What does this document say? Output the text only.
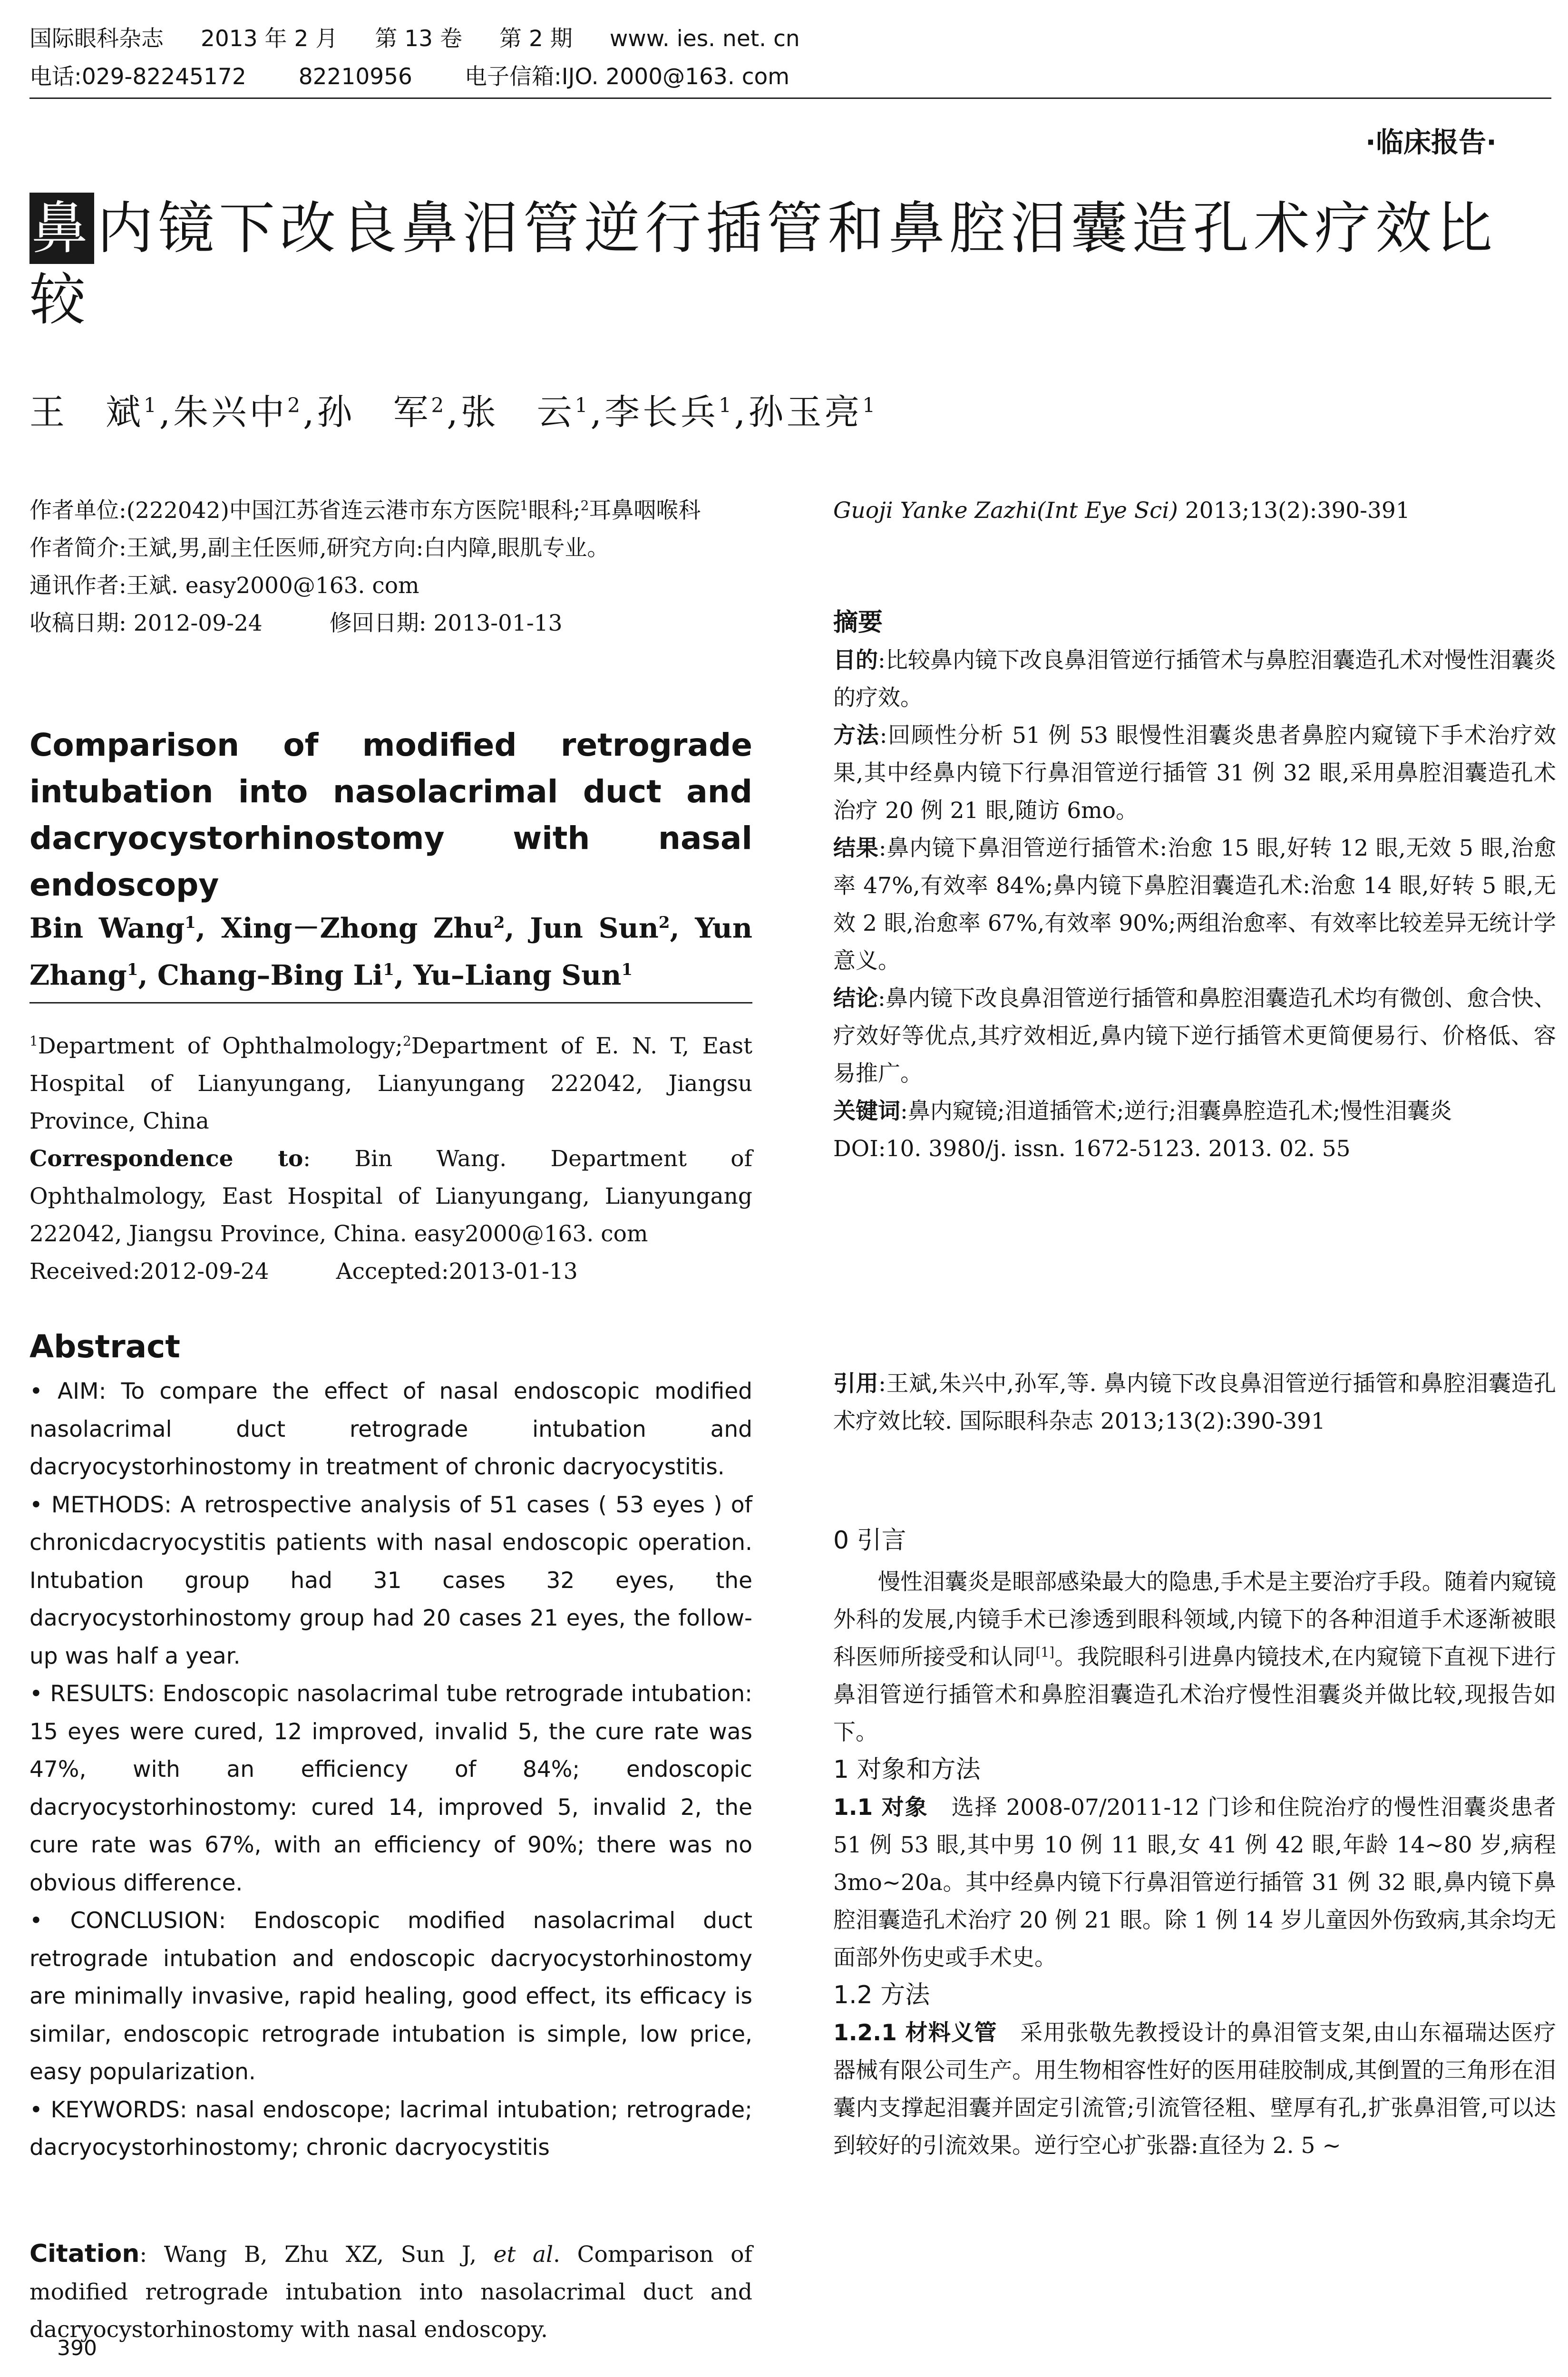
国际眼科杂志 2013 年 2 月 第 13 卷 第 2 期 www. ies. net. cn
电话:029-82245172 82210956 电子信箱:IJO. 2000@163. com
·临床报告·
鼻内镜下改良鼻泪管逆行插管和鼻腔泪囊造孔术疗效比较
王　斌$^1$,朱兴中$^2$,孙　军$^2$,张　云$^1$,李长兵$^1$,孙玉亮$^1$

作者单位:(222042)中国江苏省连云港市东方医院$^1$眼科;$^2$耳鼻咽喉科

作者简介:王斌,男,副主任医师,研究方向:白内障,眼肌专业。

通讯作者:王斌. easy2000@163. com

收稿日期: 2012-09-24　　　修回日期: 2013-01-13

Comparison of modified retrograde intubation into nasolacrimal duct and dacryocystorhinostomy with nasal endoscopy
Bin Wang$^1$, Xing－Zhong Zhu$^2$, Jun Sun$^2$, Yun Zhang$^1$, Chang–Bing Li$^1$, Yu–Liang Sun$^1$

$^1$Department of Ophthalmology;$^2$Department of E. N. T, East Hospital of Lianyungang, Lianyungang 222042, Jiangsu Province, China

Correspondence to: Bin Wang. Department of Ophthalmology, East Hospital of Lianyungang, Lianyungang 222042, Jiangsu Province, China. easy2000@163. com

Received:2012-09-24　　　Accepted:2013-01-13

Abstract

• AIM: To compare the effect of nasal endoscopic modified nasolacrimal duct retrograde intubation and dacryocystorhinostomy in treatment of chronic dacryocystitis.

• METHODS: A retrospective analysis of 51 cases ( 53 eyes ) of chronicdacryocystitis patients with nasal endoscopic operation. Intubation group had 31 cases 32 eyes, the dacryocystorhinostomy group had 20 cases 21 eyes, the follow-up was half a year.

• RESULTS: Endoscopic nasolacrimal tube retrograde intubation: 15 eyes were cured, 12 improved, invalid 5, the cure rate was 47%, with an efficiency of 84%; endoscopic dacryocystorhinostomy: cured 14, improved 5, invalid 2, the cure rate was 67%, with an efficiency of 90%; there was no obvious difference.

• CONCLUSION: Endoscopic modified nasolacrimal duct retrograde intubation and endoscopic dacryocystorhinostomy are minimally invasive, rapid healing, good effect, its efficacy is similar, endoscopic retrograde intubation is simple, low price, easy popularization.

• KEYWORDS: nasal endoscope; lacrimal intubation; retrograde; dacryocystorhinostomy; chronic dacryocystitis

Citation: Wang B, Zhu XZ, Sun J, et al. Comparison of modified retrograde intubation into nasolacrimal duct and dacryocystorhinostomy with nasal endoscopy.

Guoji Yanke Zazhi(Int Eye Sci) 2013;13(2):390-391

摘要

目的:比较鼻内镜下改良鼻泪管逆行插管术与鼻腔泪囊造孔术对慢性泪囊炎的疗效。

方法:回顾性分析 51 例 53 眼慢性泪囊炎患者鼻腔内窥镜下手术治疗效果,其中经鼻内镜下行鼻泪管逆行插管 31 例 32 眼,采用鼻腔泪囊造孔术治疗 20 例 21 眼,随访 6mo。

结果:鼻内镜下鼻泪管逆行插管术:治愈 15 眼,好转 12 眼,无效 5 眼,治愈率 47%,有效率 84%;鼻内镜下鼻腔泪囊造孔术:治愈 14 眼,好转 5 眼,无效 2 眼,治愈率 67%,有效率 90%;两组治愈率、有效率比较差异无统计学意义。

结论:鼻内镜下改良鼻泪管逆行插管和鼻腔泪囊造孔术均有微创、愈合快、疗效好等优点,其疗效相近,鼻内镜下逆行插管术更简便易行、价格低、容易推广。

关键词:鼻内窥镜;泪道插管术;逆行;泪囊鼻腔造孔术;慢性泪囊炎

DOI:10. 3980/j. issn. 1672-5123. 2013. 02. 55

引用:王斌,朱兴中,孙军,等. 鼻内镜下改良鼻泪管逆行插管和鼻腔泪囊造孔术疗效比较. 国际眼科杂志 2013;13(2):390-391

0 引言

慢性泪囊炎是眼部感染最大的隐患,手术是主要治疗手段。随着内窥镜外科的发展,内镜手术已渗透到眼科领域,内镜下的各种泪道手术逐渐被眼科医师所接受和认同[1]。我院眼科引进鼻内镜技术,在内窥镜下直视下进行鼻泪管逆行插管术和鼻腔泪囊造孔术治疗慢性泪囊炎并做比较,现报告如下。

1 对象和方法

1.1 对象　 选择 2008-07/2011-12 门诊和住院治疗的慢性泪囊炎患者 51 例 53 眼,其中男 10 例 11 眼,女 41 例 42 眼,年龄 14~80 岁,病程 3mo~20a。其中经鼻内镜下行鼻泪管逆行插管 31 例 32 眼,鼻内镜下鼻腔泪囊造孔术治疗 20 例 21 眼。除 1 例 14 岁儿童因外伤致病,其余均无面部外伤史或手术史。

1.2 方法

1.2.1 材料义管　 采用张敬先教授设计的鼻泪管支架,由山东福瑞达医疗器械有限公司生产。用生物相容性好的医用硅胶制成,其倒置的三角形在泪囊内支撑起泪囊并固定引流管;引流管径粗、壁厚有孔,扩张鼻泪管,可以达到较好的引流效果。逆行空心扩张器:直径为 2. 5 ~

390
